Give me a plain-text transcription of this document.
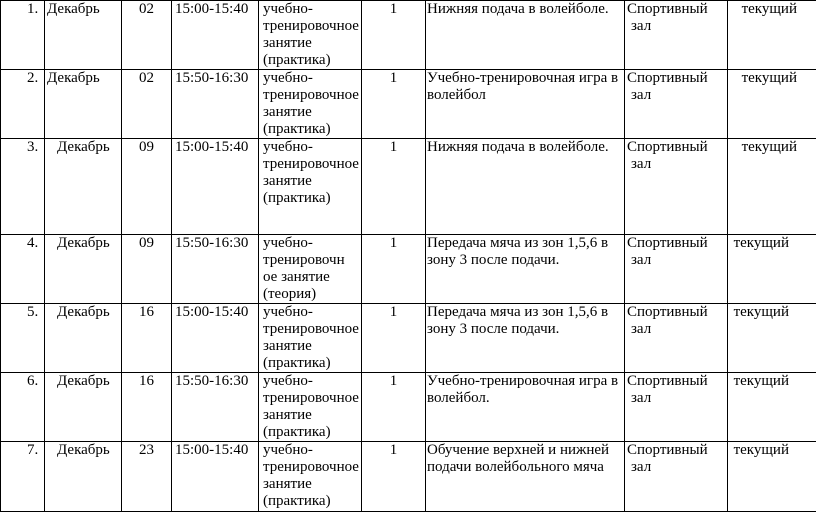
1.	Декабрь	02	15:00-15:40	учебно-
тренировочное
занятие
(практика)	1	Нижняя подача в волейболе.	Спортивный
зал	текущий
2.	Декабрь	02	15:50-16:30	учебно-
тренировочное
занятие
(практика)	1	Учебно-тренировочная игра в волейбол	Спортивный
зал	текущий
3.	Декабрь	09	15:00-15:40	учебно-
тренировочное
занятие
(практика)	1	Нижняя подача в волейболе.	Спортивный
зал	текущий
4.	Декабрь	09	15:50-16:30	учебно-
тренировочн
ое занятие
(теория)	1	Передача мяча из зон 1,5,6 в зону 3 после подачи.	Спортивный
зал	текущий
5.	Декабрь	16	15:00-15:40	учебно-
тренировочное
занятие
(практика)	1	Передача мяча из зон 1,5,6 в зону 3 после подачи.	Спортивный
зал	текущий
6.	Декабрь	16	15:50-16:30	учебно-
тренировочное
занятие
(практика)	1	Учебно-тренировочная игра в волейбол.	Спортивный
зал	текущий
7.	Декабрь	23	15:00-15:40	учебно-
тренировочное
занятие
(практика)	1	Обучение верхней и нижней подачи волейбольного мяча	Спортивный
зал	текущий
